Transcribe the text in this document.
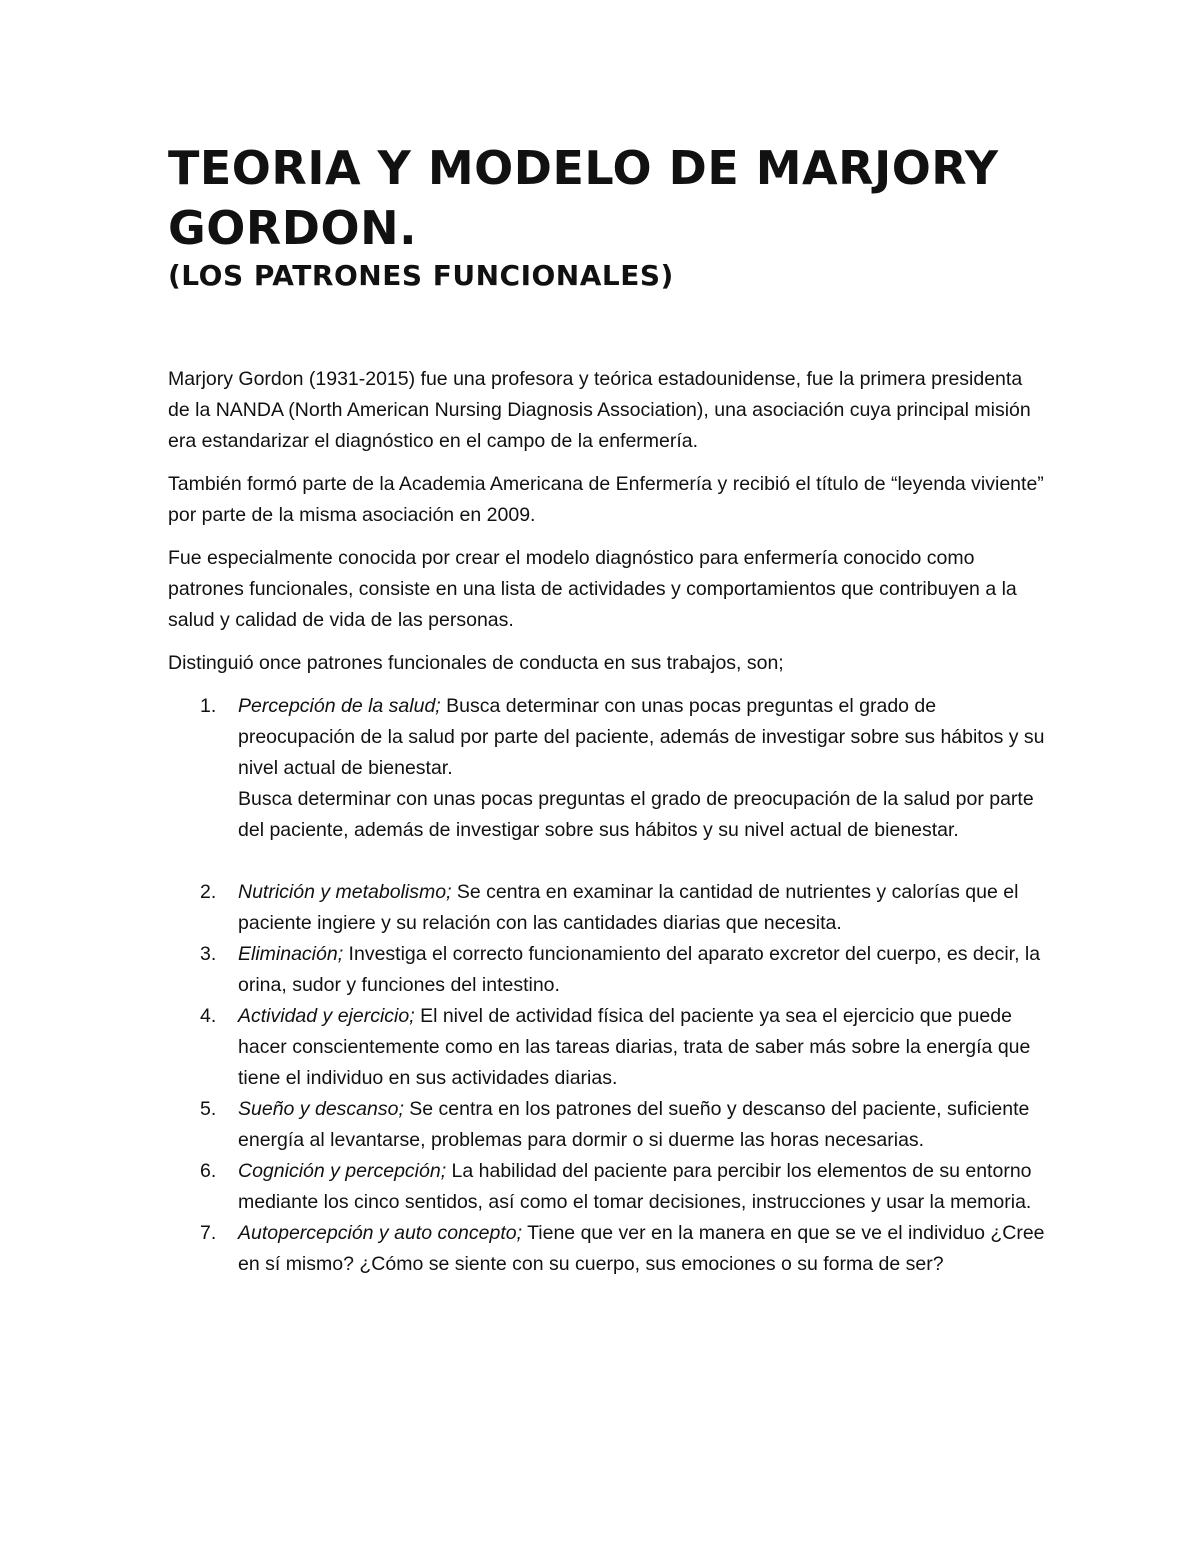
TEORIA Y MODELO DE MARJORY GORDON.
(LOS PATRONES FUNCIONALES)

Marjory Gordon (1931-2015) fue una profesora y teórica estadounidense, fue la primera presidenta de la NANDA (North American Nursing Diagnosis Association), una asociación cuya principal misión era estandarizar el diagnóstico en el campo de la enfermería.

También formó parte de la Academia Americana de Enfermería y recibió el título de “leyenda viviente” por parte de la misma asociación en 2009.

Fue especialmente conocida por crear el modelo diagnóstico para enfermería conocido como patrones funcionales, consiste en una lista de actividades y comportamientos que contribuyen a la salud y calidad de vida de las personas.

Distinguió once patrones funcionales de conducta en sus trabajos, son;

1. Percepción de la salud; Busca determinar con unas pocas preguntas el grado de preocupación de la salud por parte del paciente, además de investigar sobre sus hábitos y su nivel actual de bienestar.
Busca determinar con unas pocas preguntas el grado de preocupación de la salud por parte del paciente, además de investigar sobre sus hábitos y su nivel actual de bienestar.
2. Nutrición y metabolismo; Se centra en examinar la cantidad de nutrientes y calorías que el paciente ingiere y su relación con las cantidades diarias que necesita.
3. Eliminación; Investiga el correcto funcionamiento del aparato excretor del cuerpo, es decir, la orina, sudor y funciones del intestino.
4. Actividad y ejercicio; El nivel de actividad física del paciente ya sea el ejercicio que puede hacer conscientemente como en las tareas diarias, trata de saber más sobre la energía que tiene el individuo en sus actividades diarias.
5. Sueño y descanso; Se centra en los patrones del sueño y descanso del paciente, suficiente energía al levantarse, problemas para dormir o si duerme las horas necesarias.
6. Cognición y percepción; La habilidad del paciente para percibir los elementos de su entorno mediante los cinco sentidos, así como el tomar decisiones, instrucciones y usar la memoria.
7. Autopercepción y auto concepto; Tiene que ver en la manera en que se ve el individuo ¿Cree en sí mismo? ¿Cómo se siente con su cuerpo, sus emociones o su forma de ser?
